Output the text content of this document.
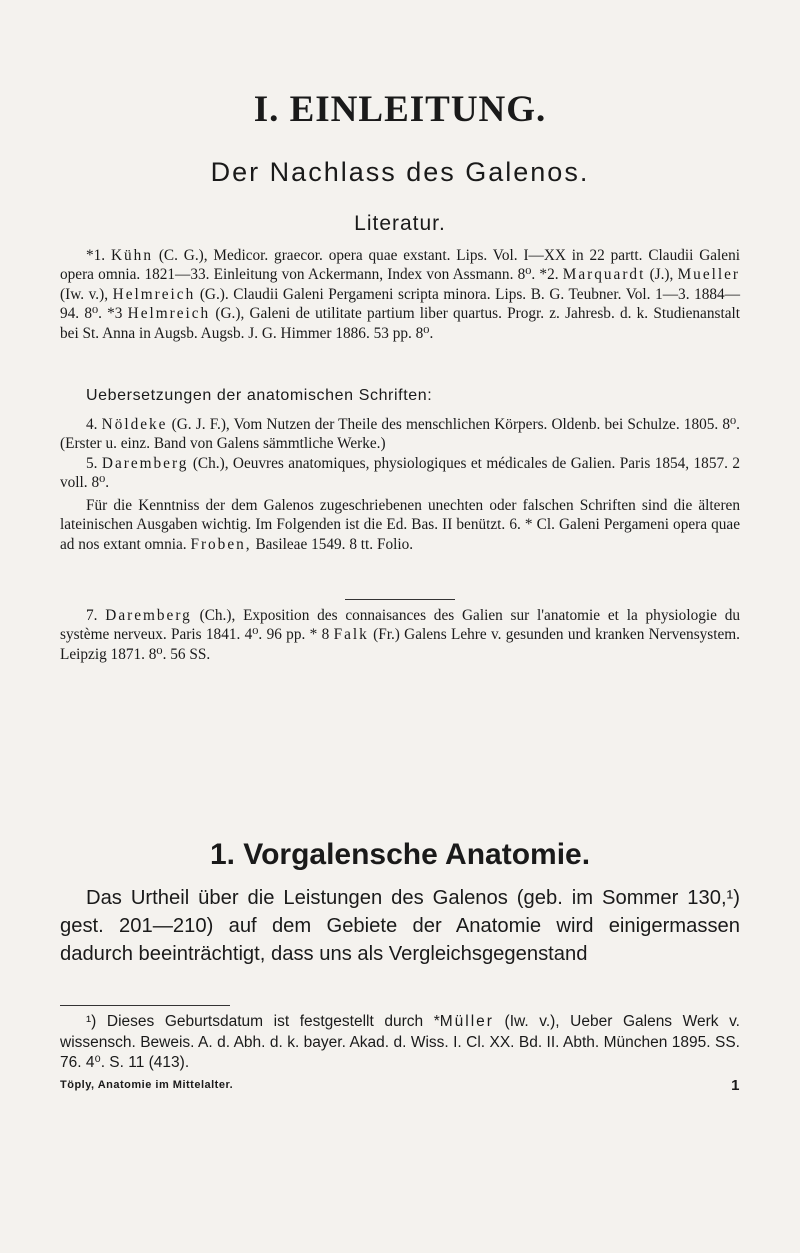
I. EINLEITUNG.
Der Nachlass des Galenos.
Literatur.

*1. Kühn (C. G.), Medicor. graecor. opera quae exstant. Lips. Vol. I—XX in 22 partt. Claudii Galeni opera omnia. 1821—33. Einleitung von Ackermann, Index von Assmann. 8⁰. *2. Marquardt (J.), Mueller (Iw. v.), Helmreich (G.). Claudii Galeni Pergameni scripta minora. Lips. B. G. Teubner. Vol. 1—3. 1884—94. 8⁰. *3 Helmreich (G.), Galeni de utilitate partium liber quartus. Progr. z. Jahresb. d. k. Studienanstalt bei St. Anna in Augsb. Augsb. J. G. Himmer 1886. 53 pp. 8⁰.

Uebersetzungen der anatomischen Schriften:

4. Nöldeke (G. J. F.), Vom Nutzen der Theile des menschlichen Körpers. Oldenb. bei Schulze. 1805. 8⁰. (Erster u. einz. Band von Galens sämmtliche Werke.)

5. Daremberg (Ch.), Oeuvres anatomiques, physiologiques et médicales de Galien. Paris 1854, 1857. 2 voll. 8⁰.

Für die Kenntniss der dem Galenos zugeschriebenen unechten oder falschen Schriften sind die älteren lateinischen Ausgaben wichtig. Im Folgenden ist die Ed. Bas. II benützt. 6. * Cl. Galeni Pergameni opera quae ad nos extant omnia. Froben, Basileae 1549. 8 tt. Folio.

7. Daremberg (Ch.), Exposition des connaisances des Galien sur l'anatomie et la physiologie du système nerveux. Paris 1841. 4⁰. 96 pp. * 8 Falk (Fr.) Galens Lehre v. gesunden und kranken Nervensystem. Leipzig 1871. 8⁰. 56 SS.

1. Vorgalensche Anatomie.

Das Urtheil über die Leistungen des Galenos (geb. im Sommer 130,¹) gest. 201—210) auf dem Gebiete der Anatomie wird einigermassen dadurch beeinträchtigt, dass uns als Vergleichsgegenstand

¹) Dieses Geburtsdatum ist festgestellt durch *Müller (Iw. v.), Ueber Galens Werk v. wissensch. Beweis. A. d. Abh. d. k. bayer. Akad. d. Wiss. I. Cl. XX. Bd. II. Abth. München 1895. SS. 76. 4⁰. S. 11 (413).

Töply, Anatomie im Mittelalter.	1
